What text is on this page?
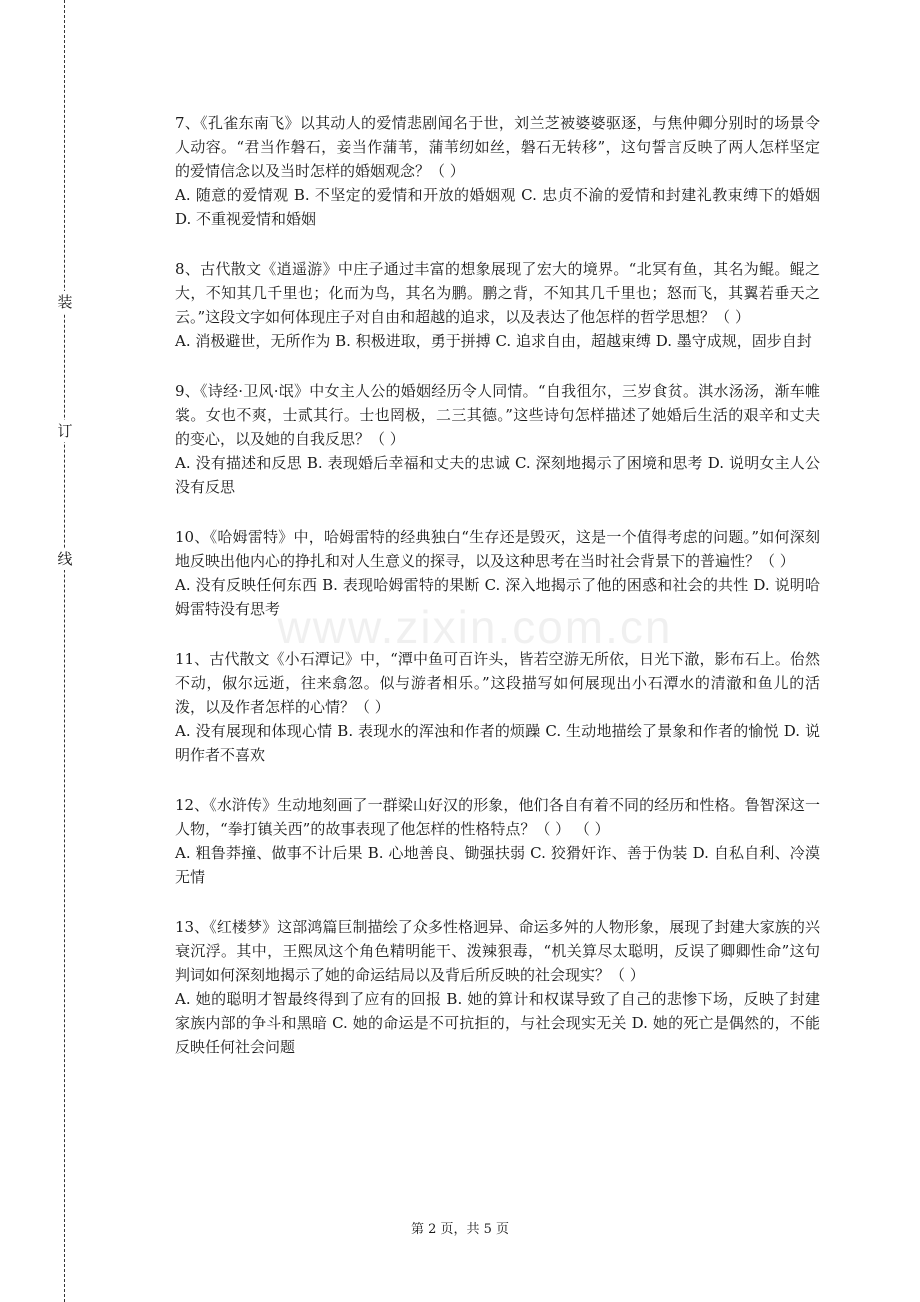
装
订
线
www.zixin.com.cn

7、《孔雀东南飞》以其动人的爱情悲剧闻名于世，刘兰芝被婆婆驱逐，与焦仲卿分别时的场景令人动容。“君当作磐石，妾当作蒲苇，蒲苇纫如丝，磐石无转移”，这句誓言反映了两人怎样坚定的爱情信念以及当时怎样的婚姻观念？（ ）

A. 随意的爱情观 B. 不坚定的爱情和开放的婚姻观 C. 忠贞不渝的爱情和封建礼教束缚下的婚姻 D. 不重视爱情和婚姻

8、古代散文《逍遥游》中庄子通过丰富的想象展现了宏大的境界。“北冥有鱼，其名为鲲。鲲之大，不知其几千里也；化而为鸟，其名为鹏。鹏之背，不知其几千里也；怒而飞，其翼若垂天之云。”这段文字如何体现庄子对自由和超越的追求，以及表达了他怎样的哲学思想？（ ）

A. 消极避世，无所作为 B. 积极进取，勇于拼搏 C. 追求自由，超越束缚 D. 墨守成规，固步自封

9、《诗经·卫风·氓》中女主人公的婚姻经历令人同情。“自我徂尔，三岁食贫。淇水汤汤，渐车帷裳。女也不爽，士贰其行。士也罔极，二三其德。”这些诗句怎样描述了她婚后生活的艰辛和丈夫的变心，以及她的自我反思？（ ）

A. 没有描述和反思 B. 表现婚后幸福和丈夫的忠诚 C. 深刻地揭示了困境和思考 D. 说明女主人公没有反思

10、《哈姆雷特》中，哈姆雷特的经典独白“生存还是毁灭，这是一个值得考虑的问题。”如何深刻地反映出他内心的挣扎和对人生意义的探寻，以及这种思考在当时社会背景下的普遍性？（ ）

A. 没有反映任何东西 B. 表现哈姆雷特的果断 C. 深入地揭示了他的困惑和社会的共性 D. 说明哈姆雷特没有思考

11、古代散文《小石潭记》中，“潭中鱼可百许头，皆若空游无所依，日光下澈，影布石上。佁然不动，俶尔远逝，往来翕忽。似与游者相乐。”这段描写如何展现出小石潭水的清澈和鱼儿的活泼，以及作者怎样的心情？（ ）

A. 没有展现和体现心情 B. 表现水的浑浊和作者的烦躁 C. 生动地描绘了景象和作者的愉悦 D. 说明作者不喜欢

12、《水浒传》生动地刻画了一群梁山好汉的形象，他们各自有着不同的经历和性格。鲁智深这一人物，“拳打镇关西”的故事表现了他怎样的性格特点？（ ） （ ）

A. 粗鲁莽撞、做事不计后果 B. 心地善良、锄强扶弱 C. 狡猾奸诈、善于伪装 D. 自私自利、冷漠无情

13、《红楼梦》这部鸿篇巨制描绘了众多性格迥异、命运多舛的人物形象，展现了封建大家族的兴衰沉浮。其中，王熙凤这个角色精明能干、泼辣狠毒，“机关算尽太聪明，反误了卿卿性命”这句判词如何深刻地揭示了她的命运结局以及背后所反映的社会现实？（ ）

A. 她的聪明才智最终得到了应有的回报 B. 她的算计和权谋导致了自己的悲惨下场，反映了封建家族内部的争斗和黑暗 C. 她的命运是不可抗拒的，与社会现实无关 D. 她的死亡是偶然的，不能反映任何社会问题

第 2 页，共 5 页
